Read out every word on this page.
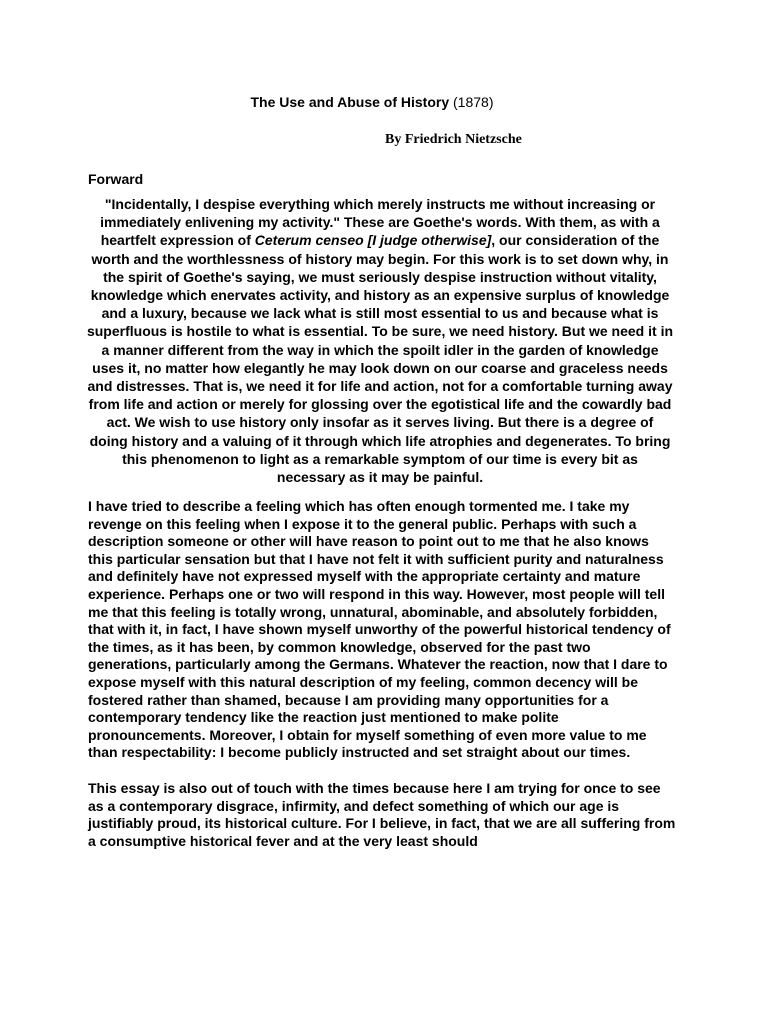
The Use and Abuse of History (1878)
By Friedrich Nietzsche
Forward
"Incidentally, I despise everything which merely instructs me without increasing or immediately enlivening my activity." These are Goethe's words. With them, as with a heartfelt expression of Ceterum censeo [I judge otherwise], our consideration of the worth and the worthlessness of history may begin. For this work is to set down why, in the spirit of Goethe's saying, we must seriously despise instruction without vitality, knowledge which enervates activity, and history as an expensive surplus of knowledge and a luxury, because we lack what is still most essential to us and because what is superfluous is hostile to what is essential. To be sure, we need history. But we need it in a manner different from the way in which the spoilt idler in the garden of knowledge uses it, no matter how elegantly he may look down on our coarse and graceless needs and distresses. That is, we need it for life and action, not for a comfortable turning away from life and action or merely for glossing over the egotistical life and the cowardly bad act. We wish to use history only insofar as it serves living. But there is a degree of doing history and a valuing of it through which life atrophies and degenerates. To bring this phenomenon to light as a remarkable symptom of our time is every bit as necessary as it may be painful.
I have tried to describe a feeling which has often enough tormented me. I take my revenge on this feeling when I expose it to the general public. Perhaps with such a description someone or other will have reason to point out to me that he also knows this particular sensation but that I have not felt it with sufficient purity and naturalness and definitely have not expressed myself with the appropriate certainty and mature experience. Perhaps one or two will respond in this way. However, most people will tell me that this feeling is totally wrong, unnatural, abominable, and absolutely forbidden, that with it, in fact, I have shown myself unworthy of the powerful historical tendency of the times, as it has been, by common knowledge, observed for the past two generations, particularly among the Germans. Whatever the reaction, now that I dare to expose myself with this natural description of my feeling, common decency will be fostered rather than shamed, because I am providing many opportunities for a contemporary tendency like the reaction just mentioned to make polite pronouncements. Moreover, I obtain for myself something of even more value to me than respectability: I become publicly instructed and set straight about our times.
This essay is also out of touch with the times because here I am trying for once to see as a contemporary disgrace, infirmity, and defect something of which our age is justifiably proud, its historical culture. For I believe, in fact, that we are all suffering from a consumptive historical fever and at the very least should
